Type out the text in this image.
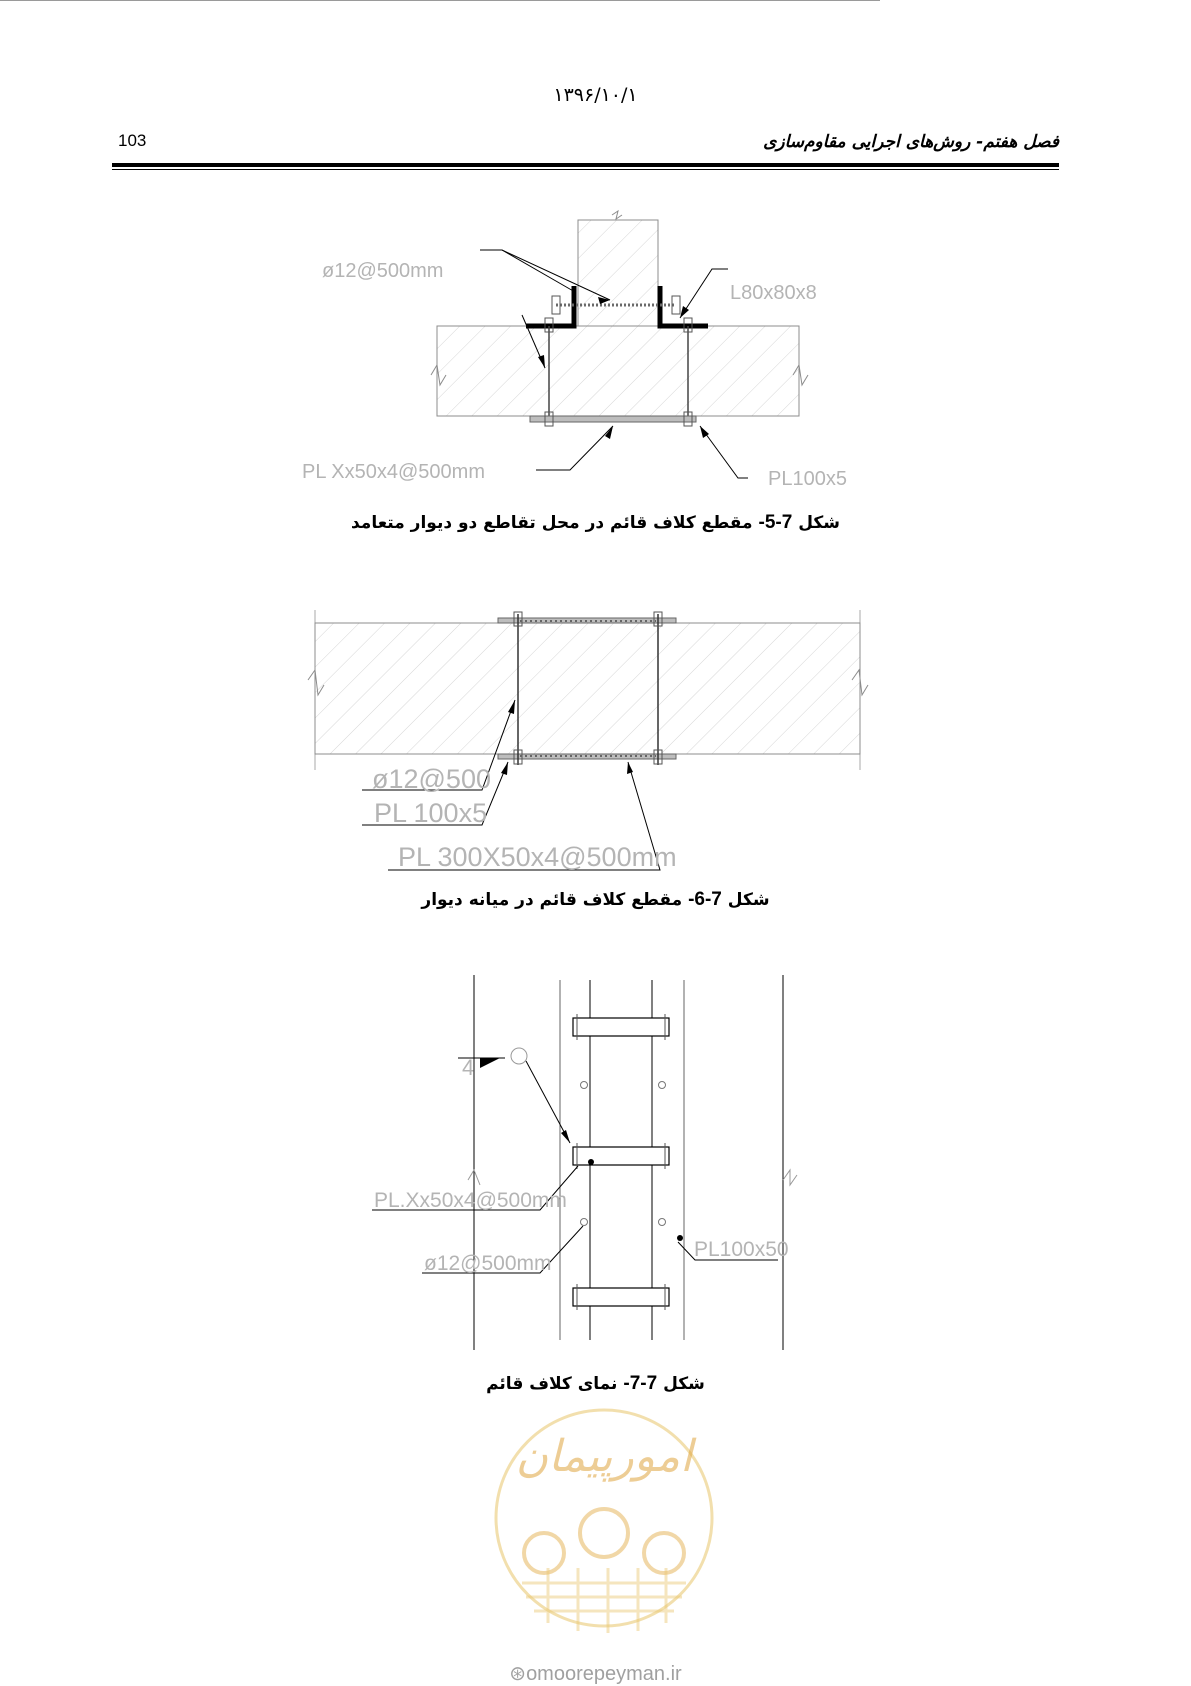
۱۳۹۶/۱۰/۱
103	فصل هفتم- روش‌های اجرایی مقاوم‌سازی
ø12@500mm
L80x80x8
PL Xx50x4@500mm	PL100x5
شکل 7-5- مقطع کلاف قائم در محل تقاطع دو دیوار متعامد
ø12@500
PL 100x5
PL 300X50x4@500mm
شکل 7-6- مقطع کلاف قائم در میانه دیوار
4
PL.Xx50x4@500mm
ø12@500mm
PL100x50
شکل 7-7- نمای کلاف قائم
امورپیمان
⊛omoorepeyman.ir
